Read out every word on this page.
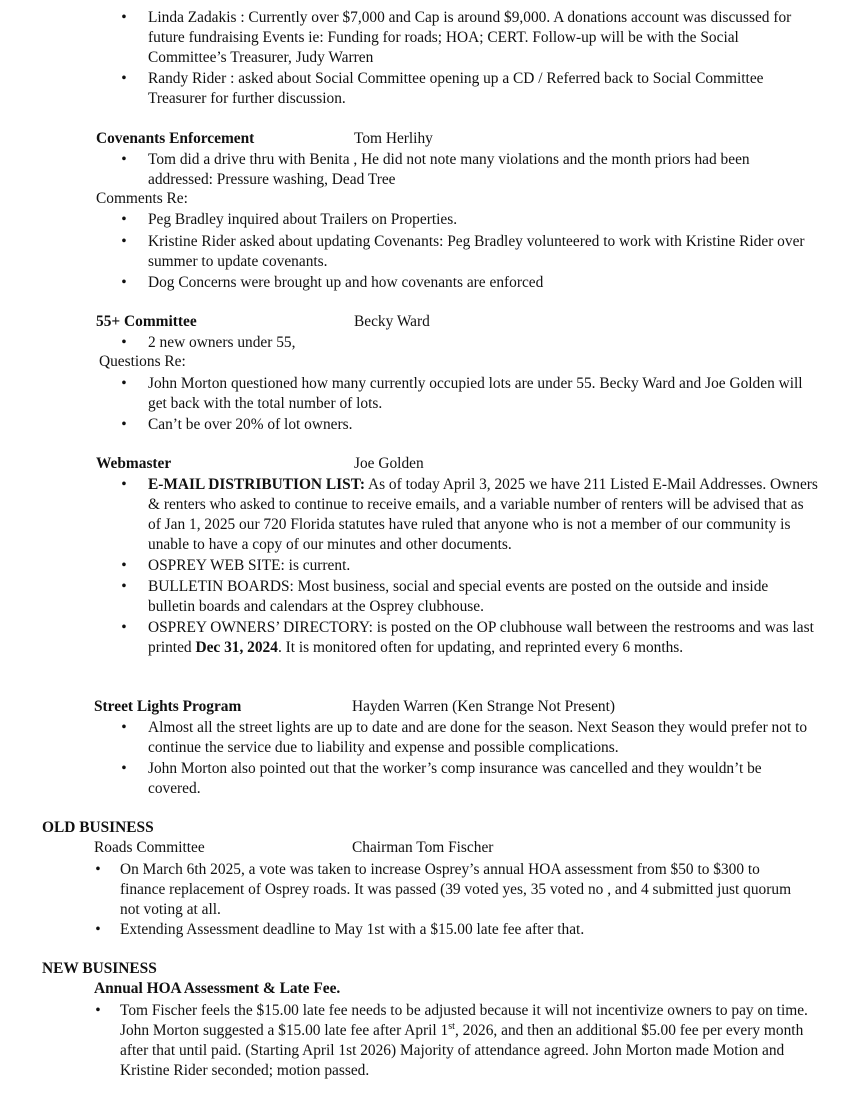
• Linda Zadakis : Currently over $7,000 and Cap is around $9,000. A donations account was discussed for future fundraising Events ie: Funding for roads; HOA; CERT. Follow-up will be with the Social Committee’s Treasurer, Judy Warren
• Randy Rider : asked about Social Committee opening up a CD / Referred back to Social Committee Treasurer for further discussion.
Covenants Enforcement	Tom Herlihy
• Tom did a drive thru with Benita , He did not note many violations and the month priors had been addressed: Pressure washing, Dead Tree
Comments Re:
• Peg Bradley inquired about Trailers on Properties.
• Kristine Rider asked about updating Covenants: Peg Bradley volunteered to work with Kristine Rider over summer to update covenants.
• Dog Concerns were brought up and how covenants are enforced
55+ Committee	Becky Ward
• 2 new owners under 55,
Questions Re:
• John Morton questioned how many currently occupied lots are under 55. Becky Ward and Joe Golden will get back with the total number of lots.
• Can’t be over 20% of lot owners.
Webmaster	Joe Golden
• E-MAIL DISTRIBUTION LIST: As of today April 3, 2025 we have 211 Listed E-Mail Addresses. Owners & renters who asked to continue to receive emails, and a variable number of renters will be advised that as of Jan 1, 2025 our 720 Florida statutes have ruled that anyone who is not a member of our community is unable to have a copy of our minutes and other documents.
• OSPREY WEB SITE: is current.
• BULLETIN BOARDS: Most business, social and special events are posted on the outside and inside bulletin boards and calendars at the Osprey clubhouse.
• OSPREY OWNERS’ DIRECTORY: is posted on the OP clubhouse wall between the restrooms and was last printed Dec 31, 2024. It is monitored often for updating, and reprinted every 6 months.
Street Lights Program	Hayden Warren (Ken Strange Not Present)
• Almost all the street lights are up to date and are done for the season. Next Season they would prefer not to continue the service due to liability and expense and possible complications.
• John Morton also pointed out that the worker’s comp insurance was cancelled and they wouldn’t be covered.
OLD BUSINESS
Roads Committee	Chairman Tom Fischer
• On March 6th 2025, a vote was taken to increase Osprey’s annual HOA assessment from $50 to $300 to finance replacement of Osprey roads. It was passed (39 voted yes, 35 voted no , and 4 submitted just quorum not voting at all.
• Extending Assessment deadline to May 1st with a $15.00 late fee after that.
NEW BUSINESS
Annual HOA Assessment & Late Fee.
• Tom Fischer feels the $15.00 late fee needs to be adjusted because it will not incentivize owners to pay on time. John Morton suggested a $15.00 late fee after April 1st, 2026, and then an additional $5.00 fee per every month after that until paid. (Starting April 1st 2026) Majority of attendance agreed. John Morton made Motion and Kristine Rider seconded; motion passed.
